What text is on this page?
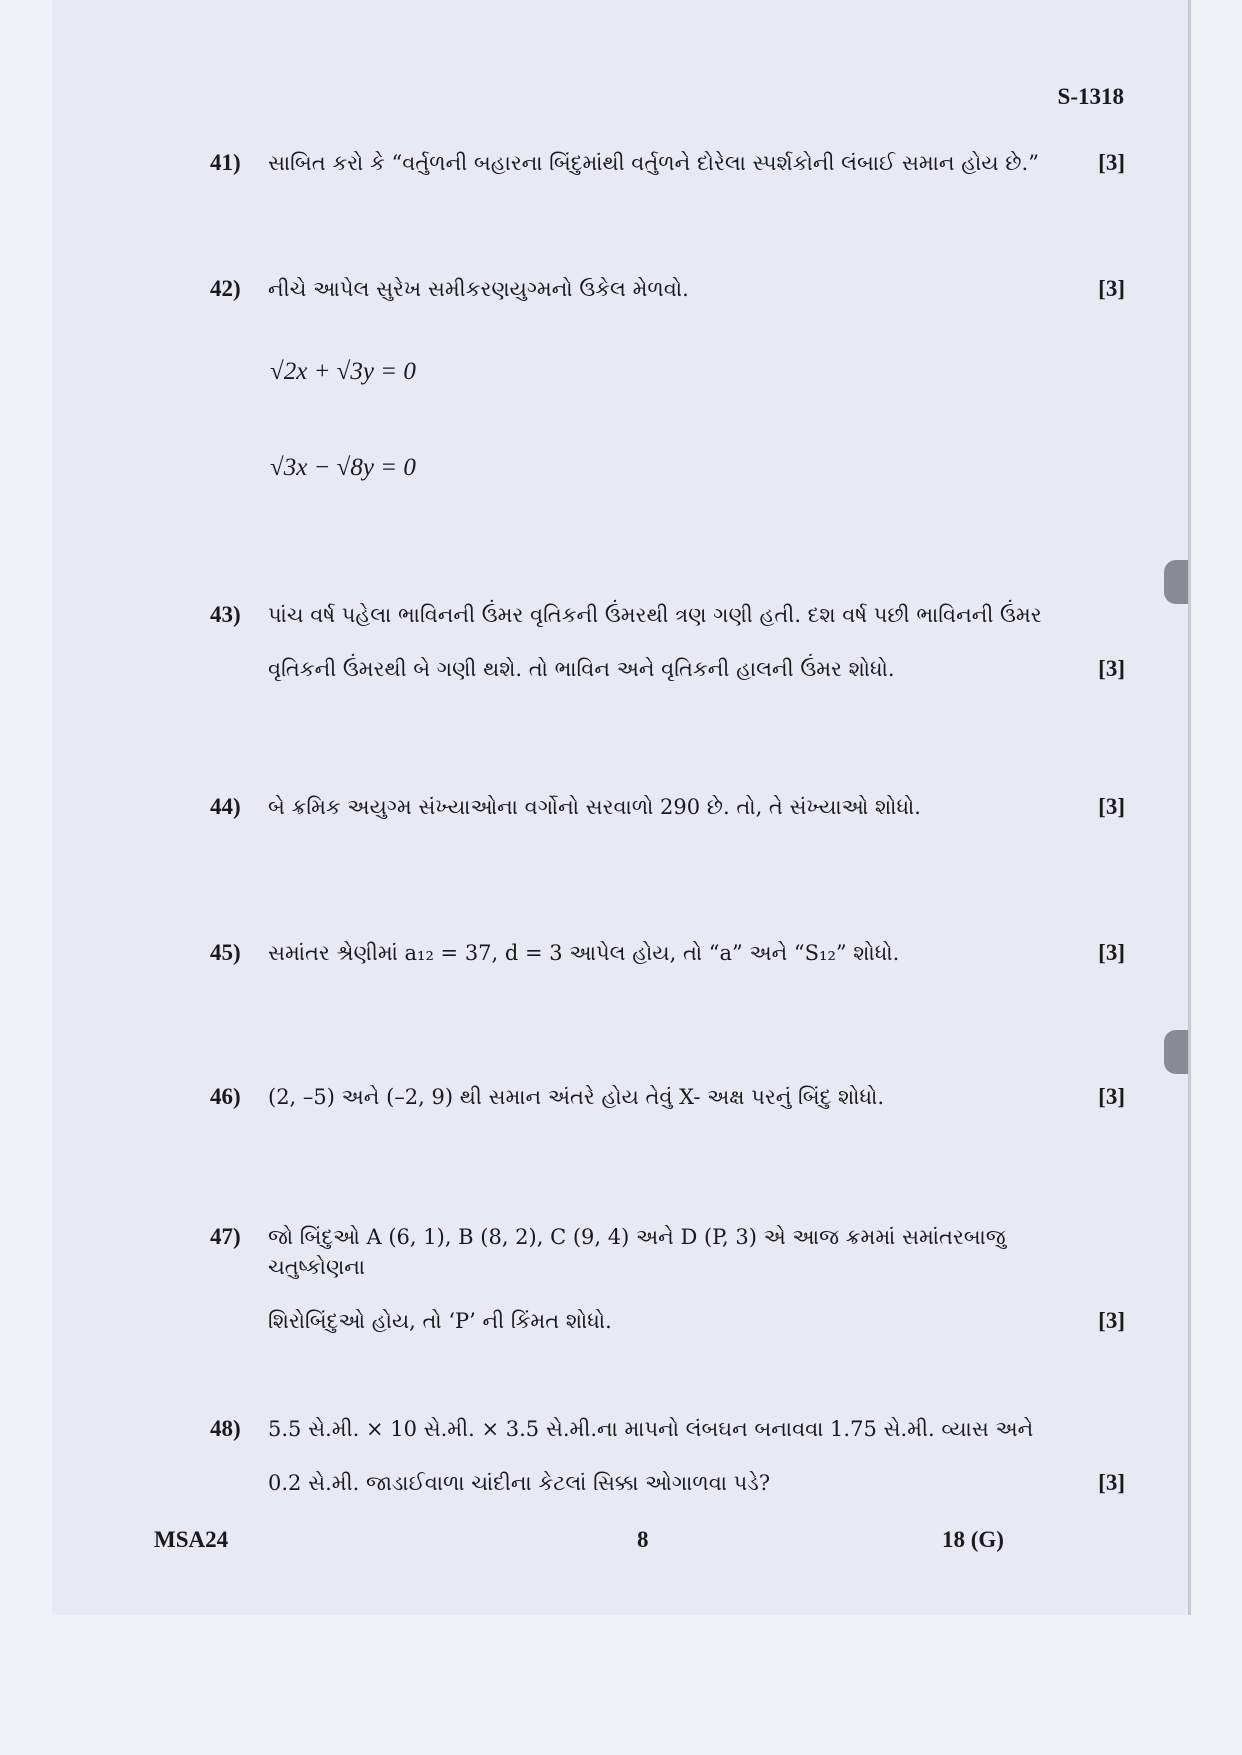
S-1318
41) સાબિત કરો કે “વર્તુળની બહારના બિંદુમાંથી વર્તુળને દોરેલા સ્પર્શકોની લંબાઈ સમાન હોય છે.”	[3]
42) નીચે આપેલ સુરેખ સમીકરણયુગ્મનો ઉકેલ મેળવો.	[3]
√2x + √3y = 0
√3x − √8y = 0
43) પાંચ વર્ષ પહેલા ભાવિનની ઉંમર વૃતિકની ઉંમરથી ત્રણ ગણી હતી. દશ વર્ષ પછી ભાવિનની ઉંમર
વૃતિકની ઉંમરથી બે ગણી થશે. તો ભાવિન અને વૃતિકની હાલની ઉંમર શોધો.	[3]
44) બે ક્રમિક અયુગ્મ સંખ્યાઓના વર્ગોનો સરવાળો 290 છે. તો, તે સંખ્યાઓ શોધો.	[3]
45) સમાંતર શ્રેણીમાં a₁₂ = 37, d = 3 આપેલ હોય, તો “a” અને “S₁₂” શોધો.	[3]
46) (2, –5) અને (–2, 9) થી સમાન અંતરે હોય તેવું X- અક્ષ પરનું બિંદુ શોધો.	[3]
47) જો બિંદુઓ A (6, 1), B (8, 2), C (9, 4) અને D (P, 3) એ આજ ક્રમમાં સમાંતરબાજુ ચતુષ્કોણના
શિરોબિંદુઓ હોય, તો ‘P’ ની કિંમત શોધો.	[3]
48) 5.5 સે.મી. × 10 સે.મી. × 3.5 સે.મી.ના માપનો લંબઘન બનાવવા 1.75 સે.મી. વ્યાસ અને
0.2 સે.મી. જાડાઈવાળા ચાંદીના કેટલાં સિક્કા ઓગાળવા પડે?	[3]
MSA24	8	18 (G)
